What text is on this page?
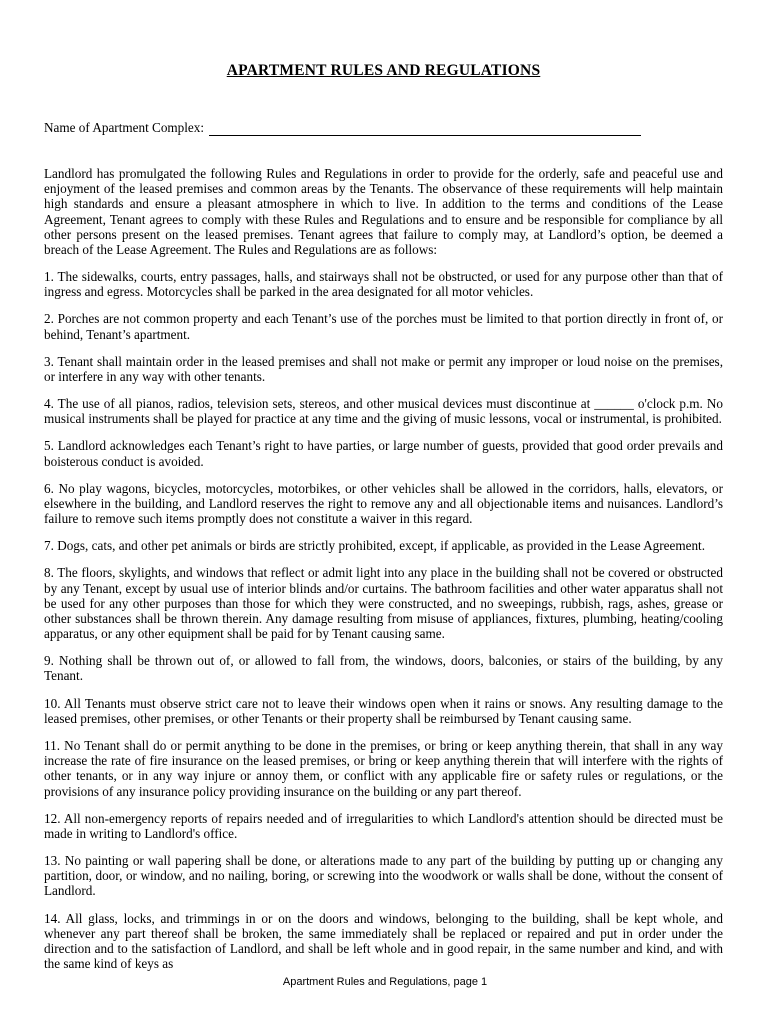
APARTMENT RULES AND REGULATIONS
Name of Apartment Complex:

Landlord has promulgated the following Rules and Regulations in order to provide for the orderly, safe and peaceful use and enjoyment of the leased premises and common areas by the Tenants. The observance of these requirements will help maintain high standards and ensure a pleasant atmosphere in which to live. In addition to the terms and conditions of the Lease Agreement, Tenant agrees to comply with these Rules and Regulations and to ensure and be responsible for compliance by all other persons present on the leased premises. Tenant agrees that failure to comply may, at Landlord’s option, be deemed a breach of the Lease Agreement. The Rules and Regulations are as follows:

1. The sidewalks, courts, entry passages, halls, and stairways shall not be obstructed, or used for any purpose other than that of ingress and egress. Motorcycles shall be parked in the area designated for all motor vehicles.

2. Porches are not common property and each Tenant’s use of the porches must be limited to that portion directly in front of, or behind, Tenant’s apartment.

3. Tenant shall maintain order in the leased premises and shall not make or permit any improper or loud noise on the premises, or interfere in any way with other tenants.

4. The use of all pianos, radios, television sets, stereos, and other musical devices must discontinue at ______ o'clock p.m. No musical instruments shall be played for practice at any time and the giving of music lessons, vocal or instrumental, is prohibited.

5. Landlord acknowledges each Tenant’s right to have parties, or large number of guests, provided that good order prevails and boisterous conduct is avoided.

6. No play wagons, bicycles, motorcycles, motorbikes, or other vehicles shall be allowed in the corridors, halls, elevators, or elsewhere in the building, and Landlord reserves the right to remove any and all objectionable items and nuisances. Landlord’s failure to remove such items promptly does not constitute a waiver in this regard.

7. Dogs, cats, and other pet animals or birds are strictly prohibited, except, if applicable, as provided in the Lease Agreement.

8. The floors, skylights, and windows that reflect or admit light into any place in the building shall not be covered or obstructed by any Tenant, except by usual use of interior blinds and/or curtains. The bathroom facilities and other water apparatus shall not be used for any other purposes than those for which they were constructed, and no sweepings, rubbish, rags, ashes, grease or other substances shall be thrown therein. Any damage resulting from misuse of appliances, fixtures, plumbing, heating/cooling apparatus, or any other equipment shall be paid for by Tenant causing same.

9. Nothing shall be thrown out of, or allowed to fall from, the windows, doors, balconies, or stairs of the building, by any Tenant.

10. All Tenants must observe strict care not to leave their windows open when it rains or snows. Any resulting damage to the leased premises, other premises, or other Tenants or their property shall be reimbursed by Tenant causing same.

11. No Tenant shall do or permit anything to be done in the premises, or bring or keep anything therein, that shall in any way increase the rate of fire insurance on the leased premises, or bring or keep anything therein that will interfere with the rights of other tenants, or in any way injure or annoy them, or conflict with any applicable fire or safety rules or regulations, or the provisions of any insurance policy providing insurance on the building or any part thereof.

12. All non-emergency reports of repairs needed and of irregularities to which Landlord's attention should be directed must be made in writing to Landlord's office.

13. No painting or wall papering shall be done, or alterations made to any part of the building by putting up or changing any partition, door, or window, and no nailing, boring, or screwing into the woodwork or walls shall be done, without the consent of Landlord.

14. All glass, locks, and trimmings in or on the doors and windows, belonging to the building, shall be kept whole, and whenever any part thereof shall be broken, the same immediately shall be replaced or repaired and put in order under the direction and to the satisfaction of Landlord, and shall be left whole and in good repair, in the same number and kind, and with the same kind of keys as

Apartment Rules and Regulations, page 1
